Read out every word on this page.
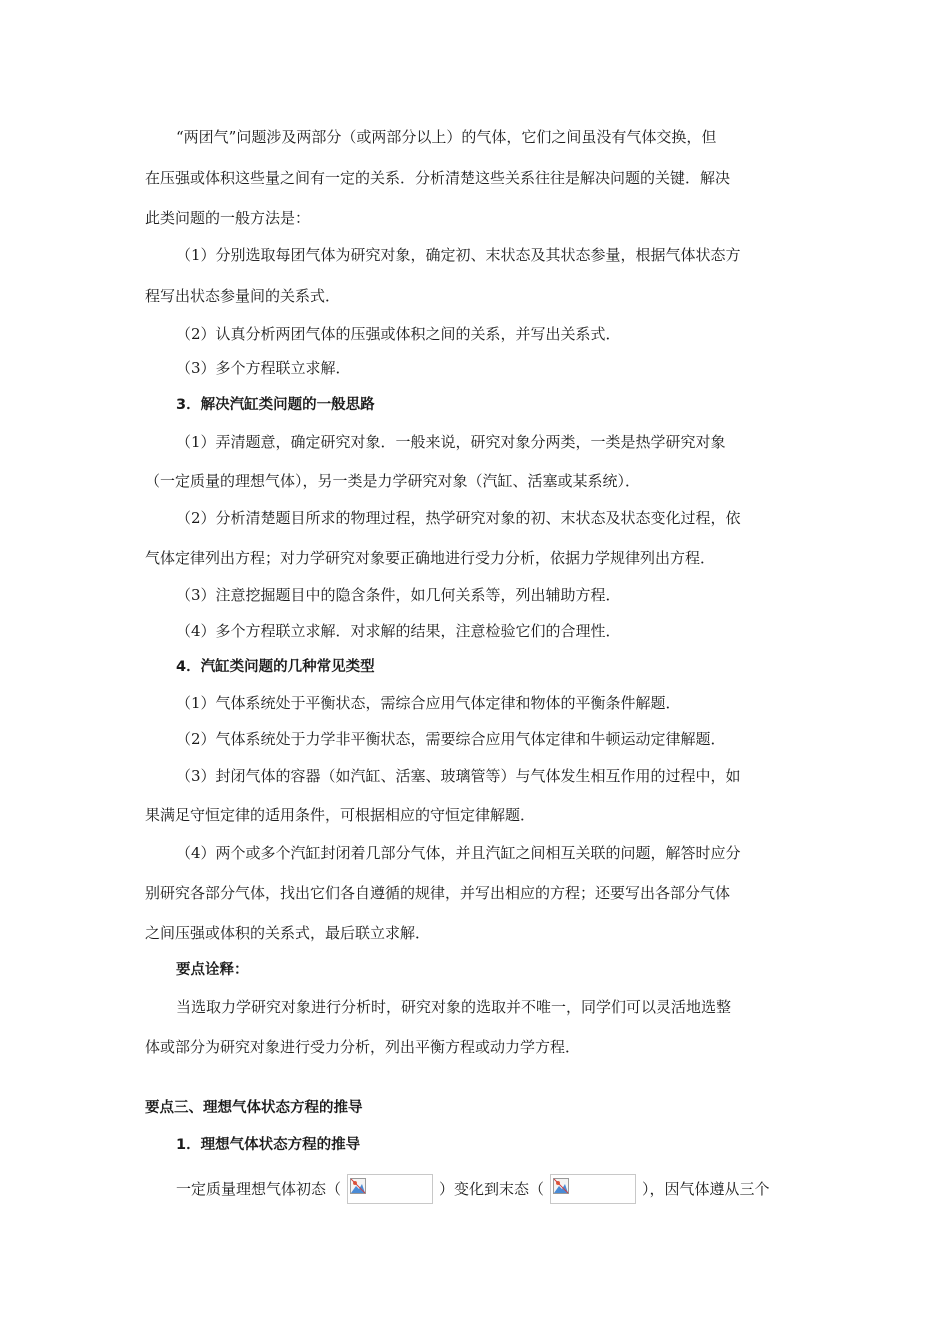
“两团气”问题涉及两部分（或两部分以上）的气体，它们之间虽没有气体交换，但
在压强或体积这些量之间有一定的关系．分析清楚这些关系往往是解决问题的关键．解决
此类问题的一般方法是：
（1）分别选取每团气体为研究对象，确定初、末状态及其状态参量，根据气体状态方
程写出状态参量间的关系式．
（2）认真分析两团气体的压强或体积之间的关系，并写出关系式．
（3）多个方程联立求解．
3．解决汽缸类问题的一般思路
（1）弄清题意，确定研究对象．一般来说，研究对象分两类，一类是热学研究对象
（一定质量的理想气体），另一类是力学研究对象（汽缸、活塞或某系统）．
（2）分析清楚题目所求的物理过程，热学研究对象的初、末状态及状态变化过程，依
气体定律列出方程；对力学研究对象要正确地进行受力分析，依据力学规律列出方程．
（3）注意挖掘题目中的隐含条件，如几何关系等，列出辅助方程．
（4）多个方程联立求解．对求解的结果，注意检验它们的合理性．
4．汽缸类问题的几种常见类型
（1）气体系统处于平衡状态，需综合应用气体定律和物体的平衡条件解题．
（2）气体系统处于力学非平衡状态，需要综合应用气体定律和牛顿运动定律解题．
（3）封闭气体的容器（如汽缸、活塞、玻璃管等）与气体发生相互作用的过程中，如
果满足守恒定律的适用条件，可根据相应的守恒定律解题．
（4）两个或多个汽缸封闭着几部分气体，并且汽缸之间相互关联的问题，解答时应分
别研究各部分气体，找出它们各自遵循的规律，并写出相应的方程；还要写出各部分气体
之间压强或体积的关系式，最后联立求解．
要点诠释：
当选取力学研究对象进行分析时，研究对象的选取并不唯一，同学们可以灵活地选整
体或部分为研究对象进行受力分析，列出平衡方程或动力学方程．
要点三、理想气体状态方程的推导
1．理想气体状态方程的推导
一定质量理想气体初态（	）变化到末态（	），因气体遵从三个
